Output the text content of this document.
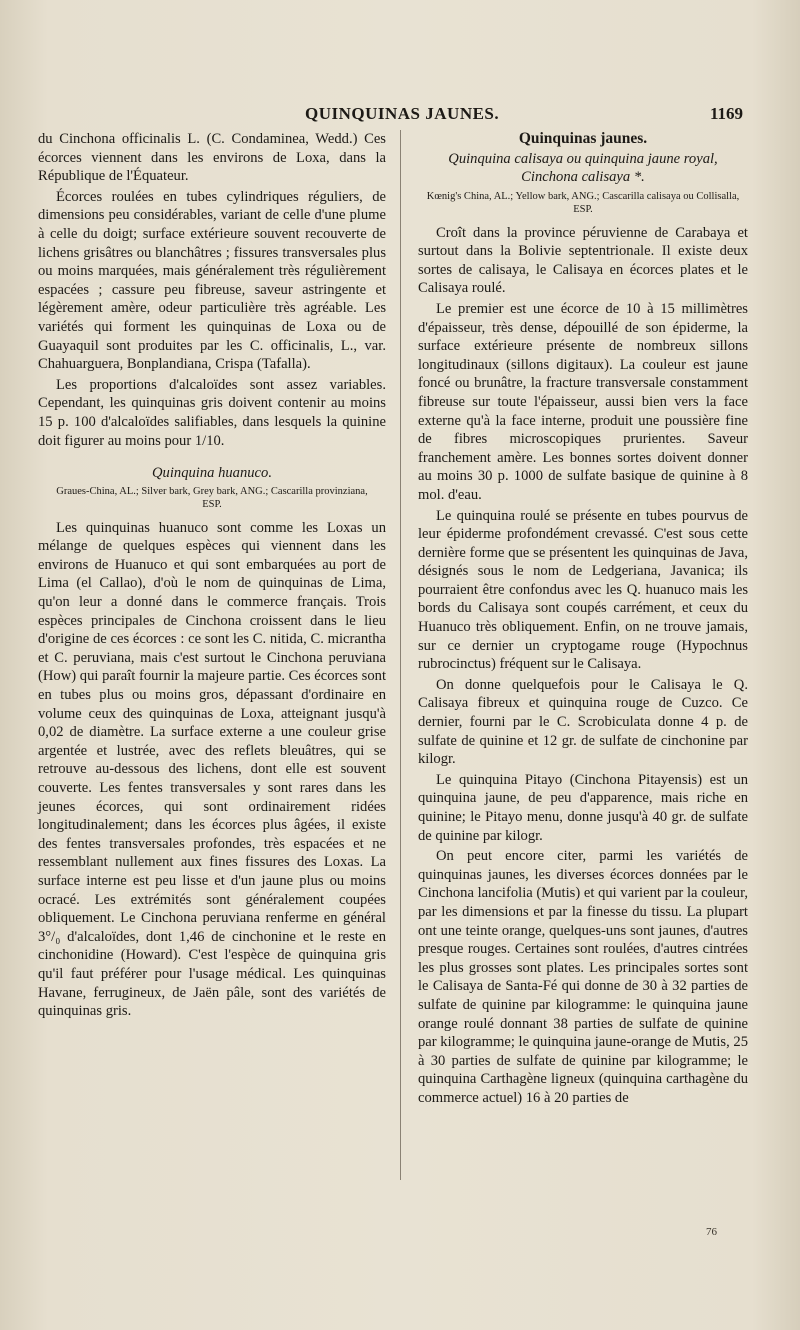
QUINQUINAS JAUNES.	1169

du Cinchona officinalis L. (C. Condaminea, Wedd.) Ces écorces viennent dans les environs de Loxa, dans la République de l'Équateur.

Écorces roulées en tubes cylindriques réguliers, de dimensions peu considérables, variant de celle d'une plume à celle du doigt; surface extérieure souvent recouverte de lichens grisâtres ou blanchâtres ; fissures transversales plus ou moins marquées, mais généralement très régulièrement espacées ; cassure peu fibreuse, saveur astringente et légèrement amère, odeur particulière très agréable. Les variétés qui forment les quinquinas de Loxa ou de Guayaquil sont produites par les C. officinalis, L., var. Chahuarguera, Bonplandiana, Crispa (Tafalla).

Les proportions d'alcaloïdes sont assez variables. Cependant, les quinquinas gris doivent contenir au moins 15 p. 100 d'alcaloïdes salifiables, dans lesquels la quinine doit figurer au moins pour 1/10.

Quinquina huanuco.
Graues-China, AL.; Silver bark, Grey bark, ANG.; Cascarilla provinziana, ESP.

Les quinquinas huanuco sont comme les Loxas un mélange de quelques espèces qui viennent dans les environs de Huanuco et qui sont embarquées au port de Lima (el Callao), d'où le nom de quinquinas de Lima, qu'on leur a donné dans le commerce français. Trois espèces principales de Cinchona croissent dans le lieu d'origine de ces écorces : ce sont les C. nitida, C. micrantha et C. peruviana, mais c'est surtout le Cinchona peruviana (How) qui paraît fournir la majeure partie. Ces écorces sont en tubes plus ou moins gros, dépassant d'ordinaire en volume ceux des quinquinas de Loxa, atteignant jusqu'à 0,02 de diamètre. La surface externe a une couleur grise argentée et lustrée, avec des reflets bleuâtres, qui se retrouve au-dessous des lichens, dont elle est souvent couverte. Les fentes transversales y sont rares dans les jeunes écorces, qui sont ordinairement ridées longitudinalement; dans les écorces plus âgées, il existe des fentes transversales profondes, très espacées et ne ressemblant nullement aux fines fissures des Loxas. La surface interne est peu lisse et d'un jaune plus ou moins ocracé. Les extrémités sont généralement coupées obliquement. Le Cinchona peruviana renferme en général 3°/₀ d'alcaloïdes, dont 1,46 de cinchonine et le reste en cinchonidine (Howard). C'est l'espèce de quinquina gris qu'il faut préférer pour l'usage médical. Les quinquinas Havane, ferrugineux, de Jaën pâle, sont des variétés de quinquinas gris.

Quinquinas jaunes.
Quinquina calisaya ou quinquina jaune royal,
Cinchona calisaya *.
Kœnig's China, AL.; Yellow bark, ANG.; Cascarilla calisaya ou Collisalla, ESP.

Croît dans la province péruvienne de Carabaya et surtout dans la Bolivie septentrionale. Il existe deux sortes de calisaya, le Calisaya en écorces plates et le Calisaya roulé.

Le premier est une écorce de 10 à 15 millimètres d'épaisseur, très dense, dépouillé de son épiderme, la surface extérieure présente de nombreux sillons longitudinaux (sillons digitaux). La couleur est jaune foncé ou brunâtre, la fracture transversale constamment fibreuse sur toute l'épaisseur, aussi bien vers la face externe qu'à la face interne, produit une poussière fine de fibres microscopiques prurientes. Saveur franchement amère. Les bonnes sortes doivent donner au moins 30 p. 1000 de sulfate basique de quinine à 8 mol. d'eau.

Le quinquina roulé se présente en tubes pourvus de leur épiderme profondément crevassé. C'est sous cette dernière forme que se présentent les quinquinas de Java, désignés sous le nom de Ledgeriana, Javanica; ils pourraient être confondus avec les Q. huanuco mais les bords du Calisaya sont coupés carrément, et ceux du Huanuco très obliquement. Enfin, on ne trouve jamais, sur ce dernier un cryptogame rouge (Hypochnus rubrocinctus) fréquent sur le Calisaya.

On donne quelquefois pour le Calisaya le Q. Calisaya fibreux et quinquina rouge de Cuzco. Ce dernier, fourni par le C. Scrobiculata donne 4 p. de sulfate de quinine et 12 gr. de sulfate de cinchonine par kilogr.

Le quinquina Pitayo (Cinchona Pitayensis) est un quinquina jaune, de peu d'apparence, mais riche en quinine; le Pitayo menu, donne jusqu'à 40 gr. de sulfate de quinine par kilogr.

On peut encore citer, parmi les variétés de quinquinas jaunes, les diverses écorces données par le Cinchona lancifolia (Mutis) et qui varient par la couleur, par les dimensions et par la finesse du tissu. La plupart ont une teinte orange, quelques-uns sont jaunes, d'autres presque rouges. Certaines sont roulées, d'autres cintrées les plus grosses sont plates. Les principales sortes sont le Calisaya de Santa-Fé qui donne de 30 à 32 parties de sulfate de quinine par kilogramme: le quinquina jaune orange roulé donnant 38 parties de sulfate de quinine par kilogramme; le quinquina jaune-orange de Mutis, 25 à 30 parties de sulfate de quinine par kilogramme; le quinquina Carthagène ligneux (quinquina carthagène du commerce actuel) 16 à 20 parties de

76
